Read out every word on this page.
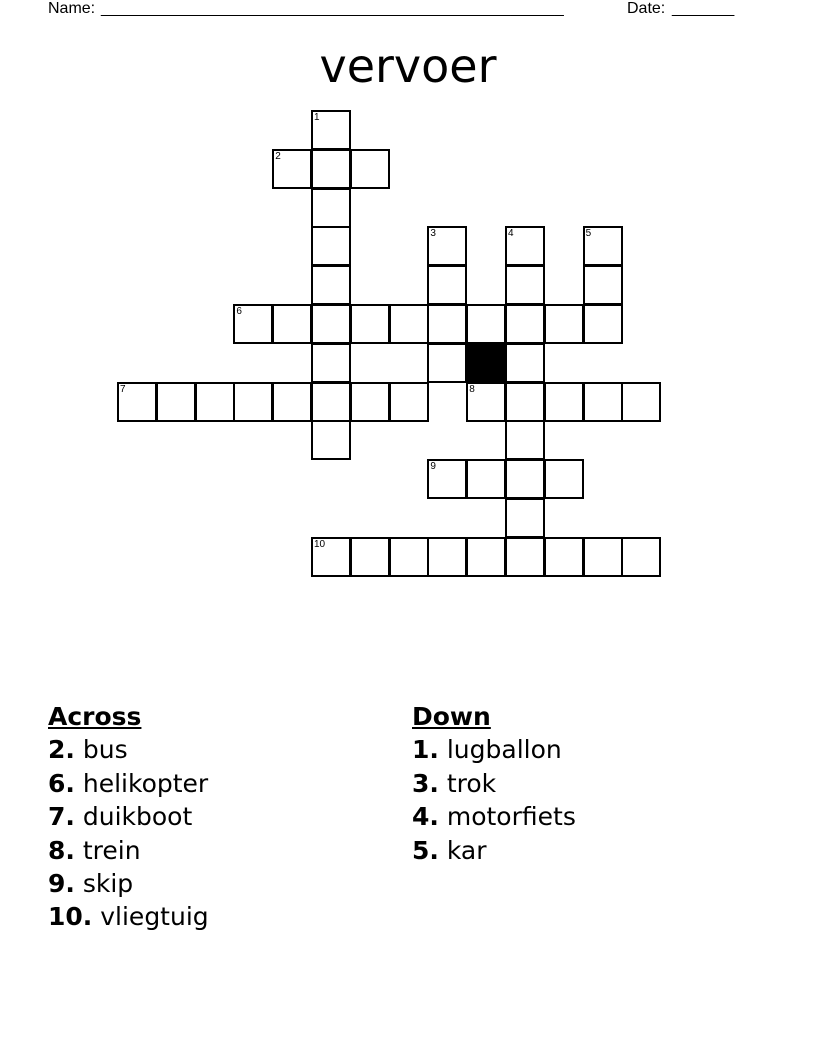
Name: ____________________________________________________	Date: _______
vervoer
1
2
3	4	5
6
7	8
9
10
Across
2. bus
6. helikopter
7. duikboot
8. trein
9. skip
10. vliegtuig
Down
1. lugballon
3. trok
4. motorfiets
5. kar
